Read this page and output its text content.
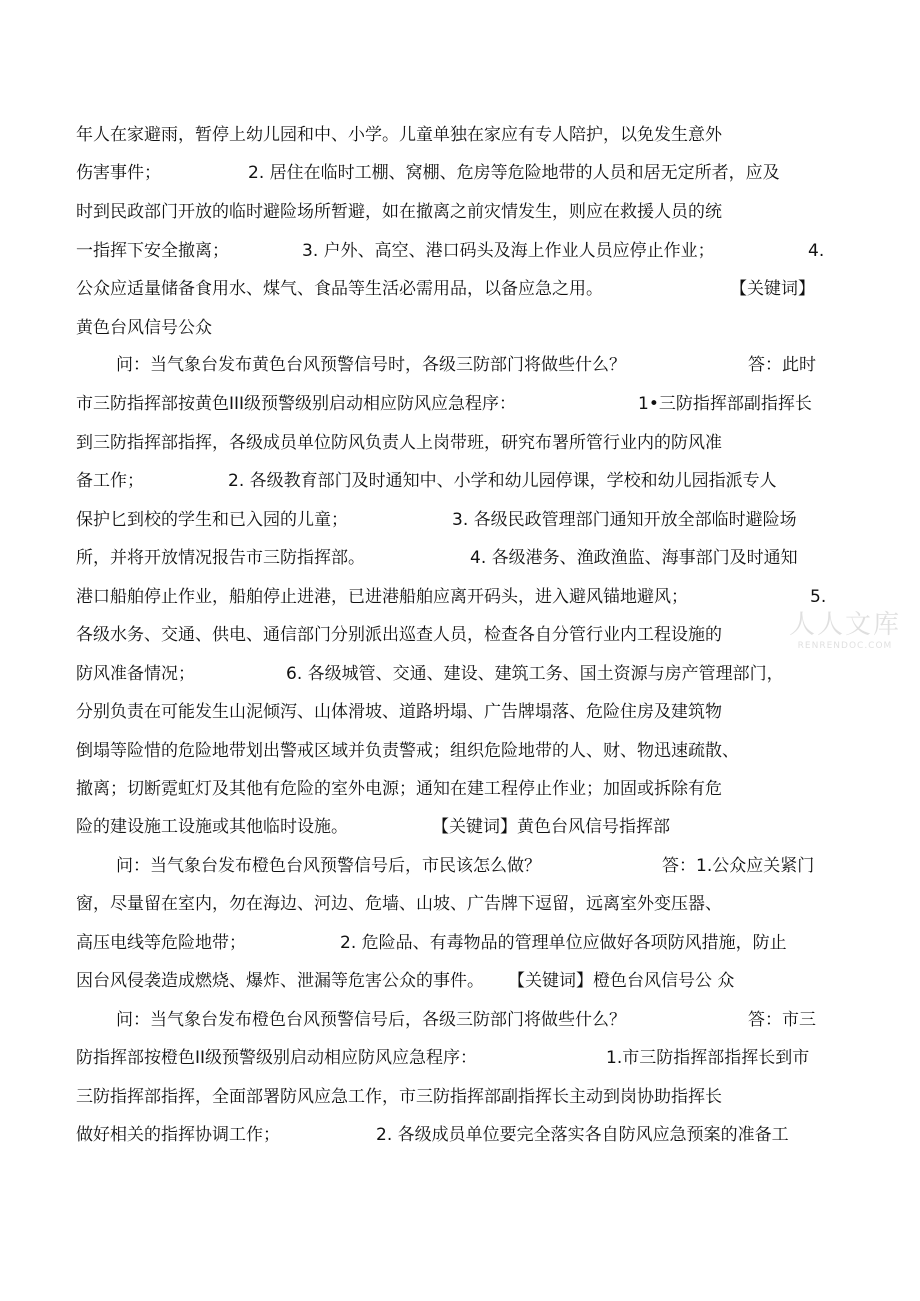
年人在家避雨，暂停上幼儿园和中、小学。儿童单独在家应有专人陪护，以免发生意外
伤害事件；	2. 居住在临时工棚、窝棚、危房等危险地带的人员和居无定所者，应及
时到民政部门开放的临时避险场所暂避，如在撤离之前灾情发生，则应在救援人员的统
一指挥下安全撤离；	3. 户外、高空、港口码头及海上作业人员应停止作业；	4.
公众应适量储备食用水、煤气、食品等生活必需用品，以备应急之用。	【关键词】
黄色台风信号公众
问：当气象台发布黄色台风预警信号时，各级三防部门将做些什么？	答：此时
市三防指挥部按黄色III级预警级别启动相应防风应急程序：	1•三防指挥部副指挥长
到三防指挥部指挥，各级成员单位防风负责人上岗带班，研究布署所管行业内的防风准
备工作；	2. 各级教育部门及时通知中、小学和幼儿园停课，学校和幼儿园指派专人
保护匕到校的学生和已入园的儿童；	3. 各级民政管理部门通知开放全部临时避险场
所，并将开放情况报告市三防指挥部。	4. 各级港务、渔政渔监、海事部门及时通知
港口船舶停止作业，船舶停止进港，已进港船舶应离开码头，进入避风锚地避风；	5.
各级水务、交通、供电、通信部门分别派出巡查人员，检查各自分管行业内工程设施的
防风准备情况；	6. 各级城管、交通、建设、建筑工务、国土资源与房产管理部门，
分别负责在可能发生山泥倾泻、山体滑坡、道路坍塌、广告牌塌落、危险住房及建筑物
倒塌等险惜的危险地带划出警戒区域并负责警戒；组织危险地带的人、财、物迅速疏散、
撤离；切断霓虹灯及其他有危险的室外电源；通知在建工程停止作业；加固或拆除有危
险的建设施工设施或其他临时设施。	【关键词】黄色台风信号指挥部
问：当气象台发布橙色台风预警信号后，市民该怎么做？	答：1.公众应关紧门
窗，尽量留在室内，勿在海边、河边、危墙、山坡、广告牌下逗留，远离室外变压器、
高压电线等危险地带；	2. 危险品、有毒物品的管理单位应做好各项防风措施，防止
因台风侵袭造成燃烧、爆炸、泄漏等危害公众的事件。 【关键词】橙色台风信号公 众
问：当气象台发布橙色台风预警信号后，各级三防部门将做些什么？	答：市三
防指挥部按橙色II级预警级别启动相应防风应急程序：	1.市三防指挥部指挥长到市
三防指挥部指挥，全面部署防风应急工作，市三防指挥部副指挥长主动到岗协助指挥长
做好相关的指挥协调工作；	2. 各级成员单位要完全落实各自防风应急预案的准备工
人人文库
RENRENDOC.COM
